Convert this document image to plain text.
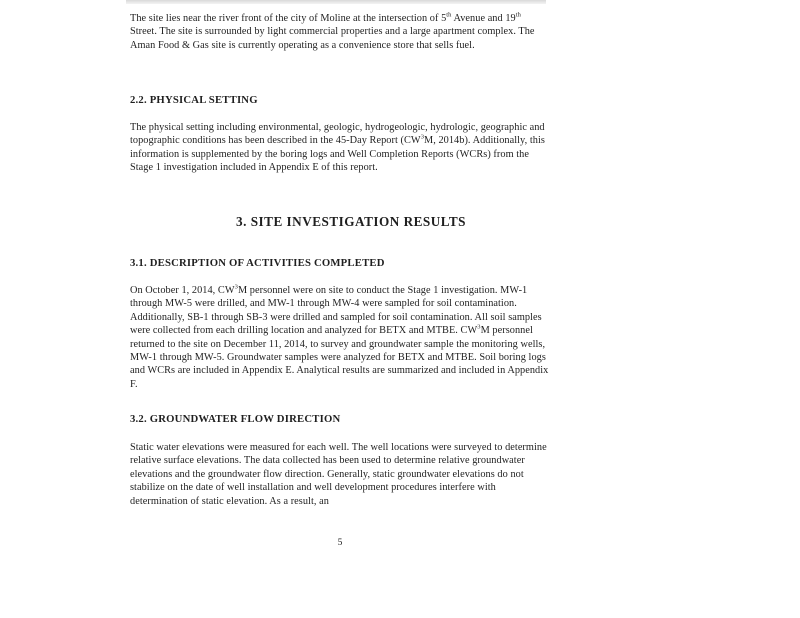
The site lies near the river front of the city of Moline at the intersection of 5th Avenue and 19th Street. The site is surrounded by light commercial properties and a large apartment complex. The Aman Food & Gas site is currently operating as a convenience store that sells fuel.

2.2. PHYSICAL SETTING

The physical setting including environmental, geologic, hydrogeologic, hydrologic, geographic and topographic conditions has been described in the 45-Day Report ($CW^3M$, 2014b). Additionally, this information is supplemented by the boring logs and Well Completion Reports (WCRs) from the Stage 1 investigation included in Appendix E of this report.

3. SITE INVESTIGATION RESULTS
3.1. DESCRIPTION OF ACTIVITIES COMPLETED

On October 1, 2014, $CW^3M$ personnel were on site to conduct the Stage 1 investigation. MW-1 through MW-5 were drilled, and MW-1 through MW-4 were sampled for soil contamination. Additionally, SB-1 through SB-3 were drilled and sampled for soil contamination. All soil samples were collected from each drilling location and analyzed for BETX and MTBE. $CW^3M$ personnel returned to the site on December 11, 2014, to survey and groundwater sample the monitoring wells, MW-1 through MW-5. Groundwater samples were analyzed for BETX and MTBE. Soil boring logs and WCRs are included in Appendix E. Analytical results are summarized and included in Appendix F.

3.2. GROUNDWATER FLOW DIRECTION

Static water elevations were measured for each well. The well locations were surveyed to determine relative surface elevations. The data collected has been used to determine relative groundwater elevations and the groundwater flow direction. Generally, static groundwater elevations do not stabilize on the date of well installation and well development procedures interfere with determination of static elevation. As a result, an

5
